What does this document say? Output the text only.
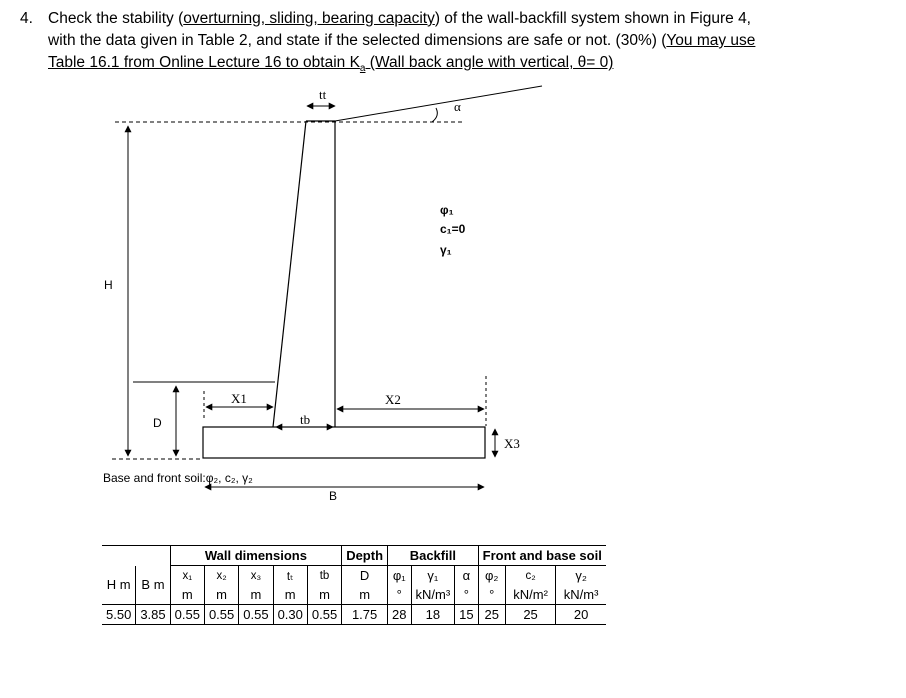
4. Check the stability (overturning, sliding, bearing capacity) of the wall-backfill system shown in Figure 4,
with the data given in Table 2, and state if the selected dimensions are safe or not. (30%) (You may use
Table 16.1 from Online Lecture 16 to obtain $K_a$ (Wall back angle with vertical, θ= 0)
tt
α
φ₁
c₁=0
γ₁
H
D
X1	X2
X3
tb
B
Base and front soil:φ₂, c₂, γ₂
		Wall dimensions					Depth	Backfill			Front and base soil		
H m	B m	x₁	x₂	x₃	tₜ	tb	D	φ₁	γ₁	α	φ₂	c₂	γ₂
		m	m	m	m	m	m	°	kN/m³	°	°	kN/m²	kN/m³
5.50	3.85	0.55	0.55	0.55	0.30	0.55	1.75	28	18	15	25	25	20
